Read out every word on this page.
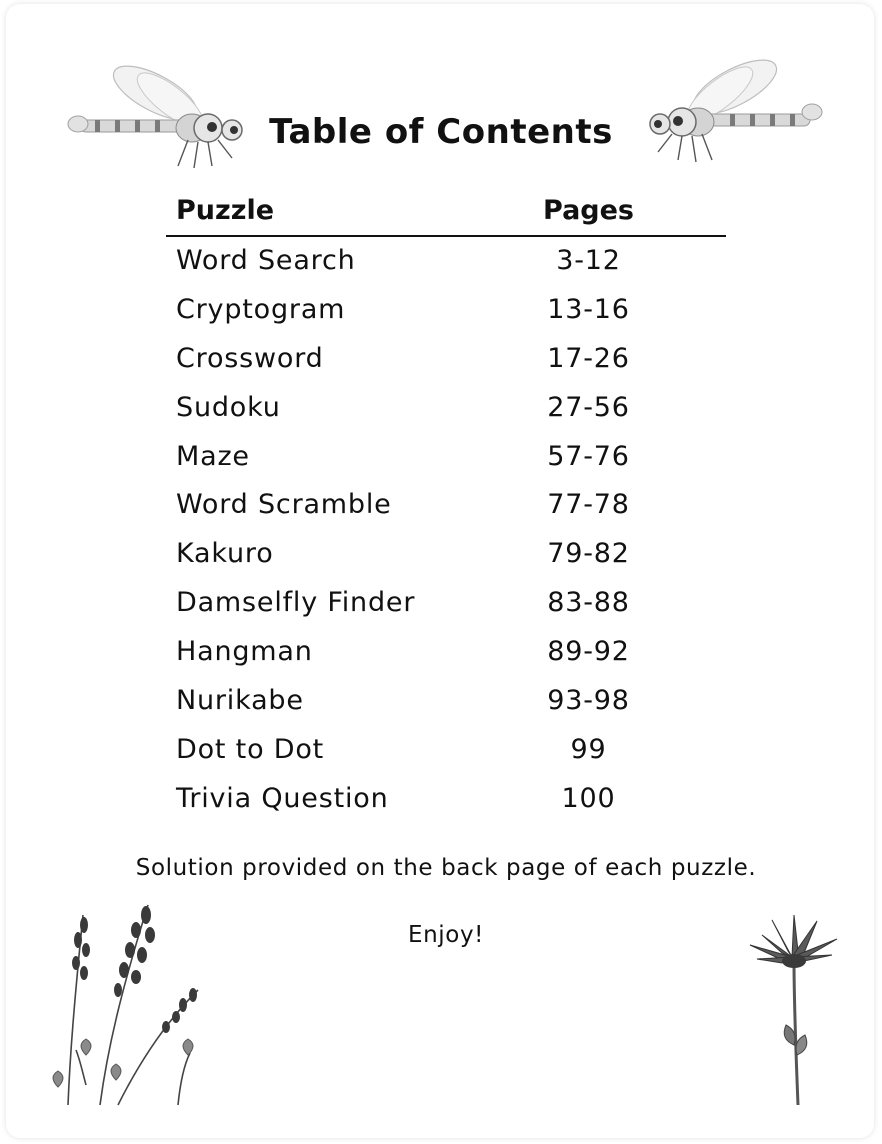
Table of Contents
Puzzle	Pages
Word Search	3-12
Cryptogram	13-16
Crossword	17-26
Sudoku	27-56
Maze	57-76
Word Scramble	77-78
Kakuro	79-82
Damselfly Finder	83-88
Hangman	89-92
Nurikabe	93-98
Dot to Dot	99
Trivia Question	100
Solution provided on the back page of each puzzle.
Enjoy!
